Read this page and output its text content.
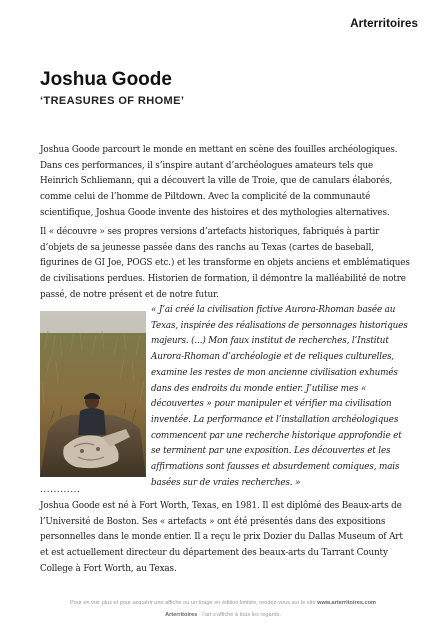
Arterritoires
Joshua Goode
‘TREASURES OF RHOME’

Joshua Goode parcourt le monde en mettant en scène des fouilles archéologiques. Dans ces performances, il s’inspire autant d’archéologues amateurs tels que Heinrich Schliemann, qui a découvert la ville de Troie, que de canulars élaborés, comme celui de l’homme de Piltdown. Avec la complicité de la communauté scientifique, Joshua Goode invente des histoires et des mythologies alternatives.

Il « découvre » ses propres versions d’artefacts historiques, fabriqués à partir d’objets de sa jeunesse passée dans des ranchs au Texas (cartes de baseball, figurines de GI Joe, POGS etc.) et les transforme en objets anciens et emblématiques de civilisations perdues. Historien de formation, il démontre la malléabilité de notre passé, de notre présent et de notre futur.

« J’ai créé la civilisation fictive Aurora-Rhoman basée au Texas, inspirée des réalisations de personnages historiques majeurs. (...) Mon faux institut de recherches, l’Institut Aurora-Rhoman d’archéologie et de reliques culturelles, examine les restes de mon ancienne civilisation exhumés dans des endroits du monde entier. J’utilise mes « découvertes » pour manipuler et vérifier ma civilisation inventée. La performance et l’installation archéologiques commencent par une recherche historique approfondie et se terminent par une exposition. Les découvertes et les affirmations sont fausses et absurdement comiques, mais basées sur de vraies recherches. »

............

Joshua Goode est né à Fort Worth, Texas, en 1981. Il est diplômé des Beaux-arts de l’Université de Boston. Ses « artefacts » ont été présentés dans des expositions personnelles dans le monde entier. Il a reçu le prix Dozier du Dallas Museum of Art et est actuellement directeur du département des beaux-arts du Tarrant County College à Fort Worth, au Texas.

Pour en voir plus et pour acquérir une affiche ou un tirage en édition limitée, rendez-vous sur le site www.arterritoires.com
Arterritoires - l’art s’affiche à tous les regards.
